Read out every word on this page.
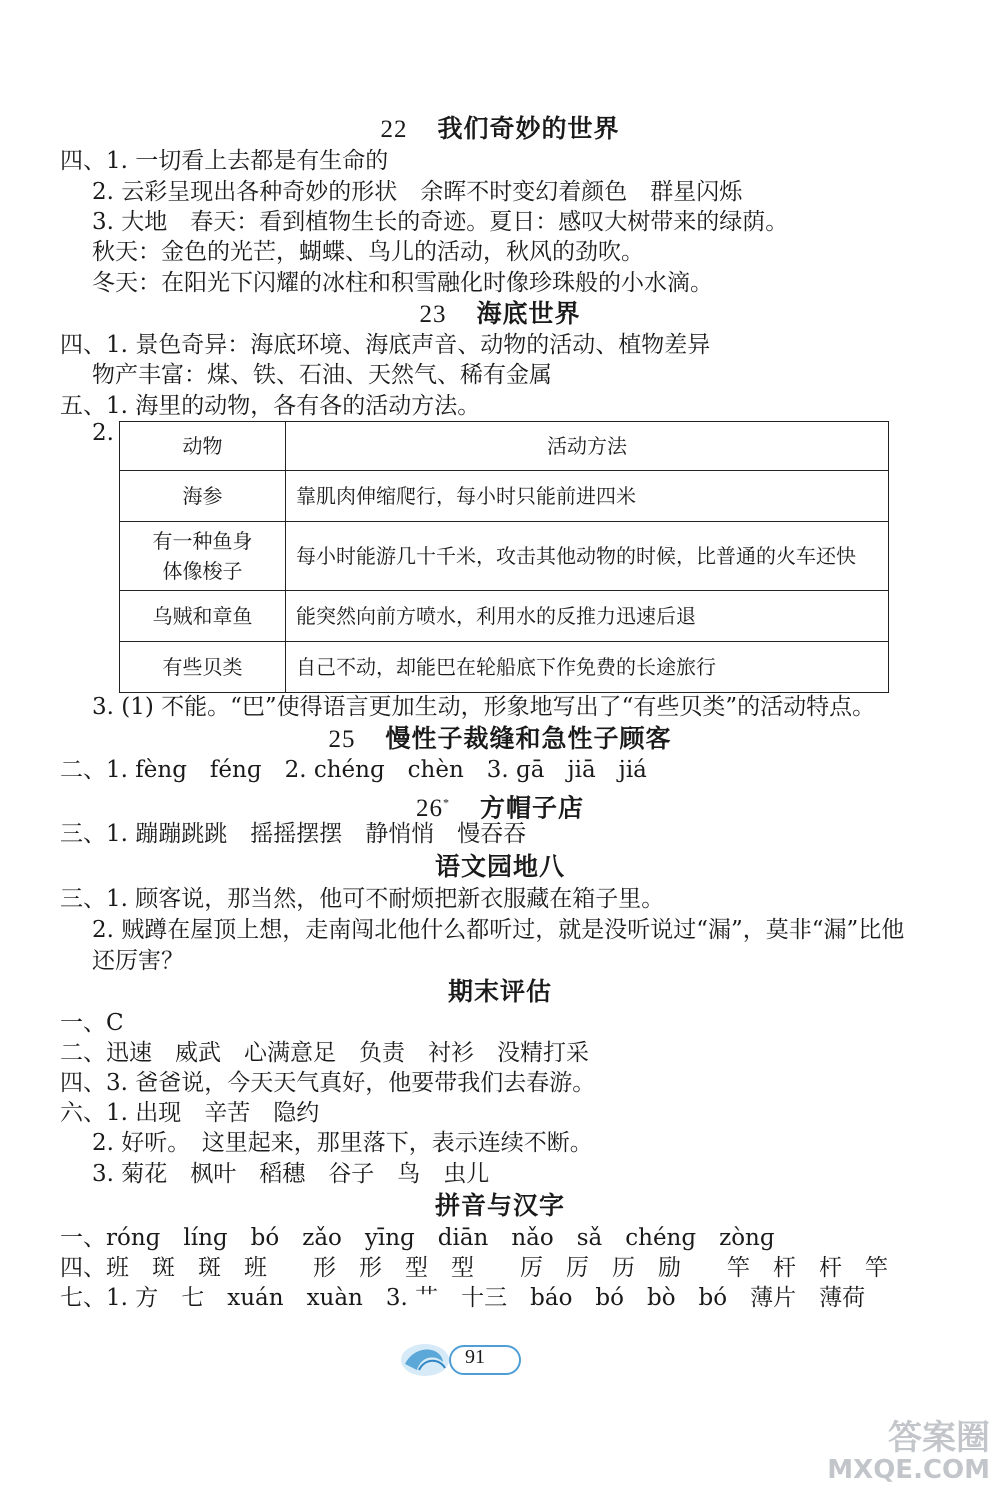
22 我们奇妙的世界
四、1. 一切看上去都是有生命的
2. 云彩呈现出各种奇妙的形状　余晖不时变幻着颜色　群星闪烁
3. 大地　春天：看到植物生长的奇迹。夏日：感叹大树带来的绿荫。
秋天：金色的光芒，蝴蝶、鸟儿的活动，秋风的劲吹。
冬天：在阳光下闪耀的冰柱和积雪融化时像珍珠般的小水滴。
23 海底世界
四、1. 景色奇异：海底环境、海底声音、动物的活动、植物差异
物产丰富：煤、铁、石油、天然气、稀有金属
五、1. 海里的动物，各有各的活动方法。
2.	动物	活动方法
海参	靠肌肉伸缩爬行，每小时只能前进四米
有一种鱼身体像梭子	每小时能游几十千米，攻击其他动物的时候，比普通的火车还快
乌贼和章鱼	能突然向前方喷水，利用水的反推力迅速后退
有些贝类	自己不动，却能巴在轮船底下作免费的长途旅行
3. (1) 不能。“巴”使得语言更加生动，形象地写出了“有些贝类”的活动特点。
25 慢性子裁缝和急性子顾客
二、1. fèng　fénɡ　2. chénɡ　chèn　3. ɡā　jiā　jiá
26* 方帽子店
三、1. 蹦蹦跳跳　摇摇摆摆　静悄悄　慢吞吞
语文园地八
三、1. 顾客说，那当然，他可不耐烦把新衣服藏在箱子里。
2. 贼蹲在屋顶上想，走南闯北他什么都听过，就是没听说过“漏”，莫非“漏”比他
还厉害？
期末评估
一、C
二、迅速　威武　心满意足　负责　衬衫　没精打采
四、3. 爸爸说，今天天气真好，他要带我们去春游。
六、1. 出现　辛苦　隐约
2. 好听。　这里起来，那里落下，表示连续不断。
3. 菊花　枫叶　稻穗　谷子　鸟　虫儿
拼音与汉字
一、rónɡ　línɡ　bó　zǎo　yīnɡ　diān　nǎo　sǎ　chénɡ　zònɡ
四、班　斑　斑　班　　形　形　型　型　　厉　厉　历　励　　竿　杆　杆　竿
七、1. 方　七　xuán　xuàn　3. 艹　十三　báo　bó　bò　bó　薄片　薄荷
91
答案圈
MXQE.COM
